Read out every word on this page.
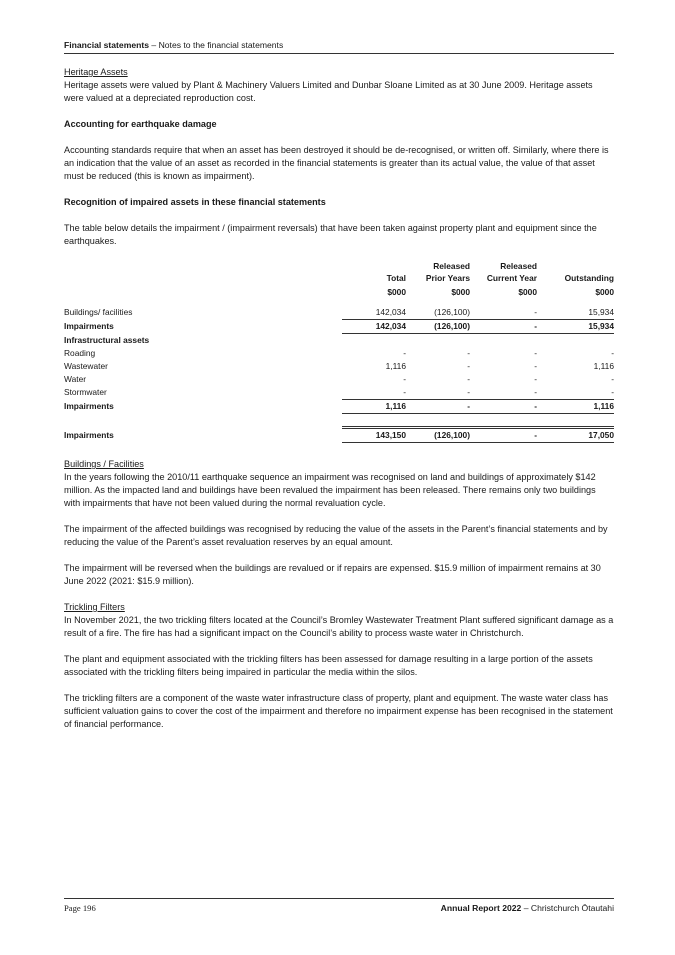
Financial statements – Notes to the financial statements

Heritage Assets

Heritage assets were valued by Plant & Machinery Valuers Limited and Dunbar Sloane Limited as at 30 June 2009. Heritage assets were valued at a depreciated reproduction cost.

Accounting for earthquake damage

Accounting standards require that when an asset has been destroyed it should be de-recognised, or written off. Similarly, where there is an indication that the value of an asset as recorded in the financial statements is greater than its actual value, the value of that asset must be reduced (this is known as impairment).

Recognition of impaired assets in these financial statements

The table below details the impairment / (impairment reversals) that have been taken against property plant and equipment since the earthquakes.

		Released	Released	
	Total	Prior Years	Current Year	Outstanding
	$000	$000	$000	$000
Buildings/ facilities	142,034	(126,100)	-	15,934
Impairments	142,034	(126,100)	-	15,934
Infrastructural assets				
Roading	-	-	-	-
Wastewater	1,116	-	-	1,116
Water	-	-	-	-
Stormwater	-	-	-	-
Impairments	1,116	-	-	1,116

Impairments	143,150	(126,100)	-	17,050

Buildings / Facilities

In the years following the 2010/11 earthquake sequence an impairment was recognised on land and buildings of approximately $142 million. As the impacted land and buildings have been revalued the impairment has been released. There remains only two buildings with impairments that have not been valued during the normal revaluation cycle.

The impairment of the affected buildings was recognised by reducing the value of the assets in the Parent’s financial statements and by reducing the value of the Parent’s asset revaluation reserves by an equal amount.

The impairment will be reversed when the buildings are revalued or if repairs are expensed. $15.9 million of impairment remains at 30 June 2022 (2021: $15.9 million).

Trickling Filters

In November 2021, the two trickling filters located at the Council’s Bromley Wastewater Treatment Plant suffered significant damage as a result of a fire. The fire has had a significant impact on the Council’s ability to process waste water in Christchurch.

The plant and equipment associated with the trickling filters has been assessed for damage resulting in a large portion of the assets associated with the trickling filters being impaired in particular the media within the silos.

The trickling filters are a component of the waste water infrastructure class of property, plant and equipment. The waste water class has sufficient valuation gains to cover the cost of the impairment and therefore no impairment expense has been recognised in the statement of financial performance.

Page 196	Annual Report 2022 – Christchurch Ōtautahi
